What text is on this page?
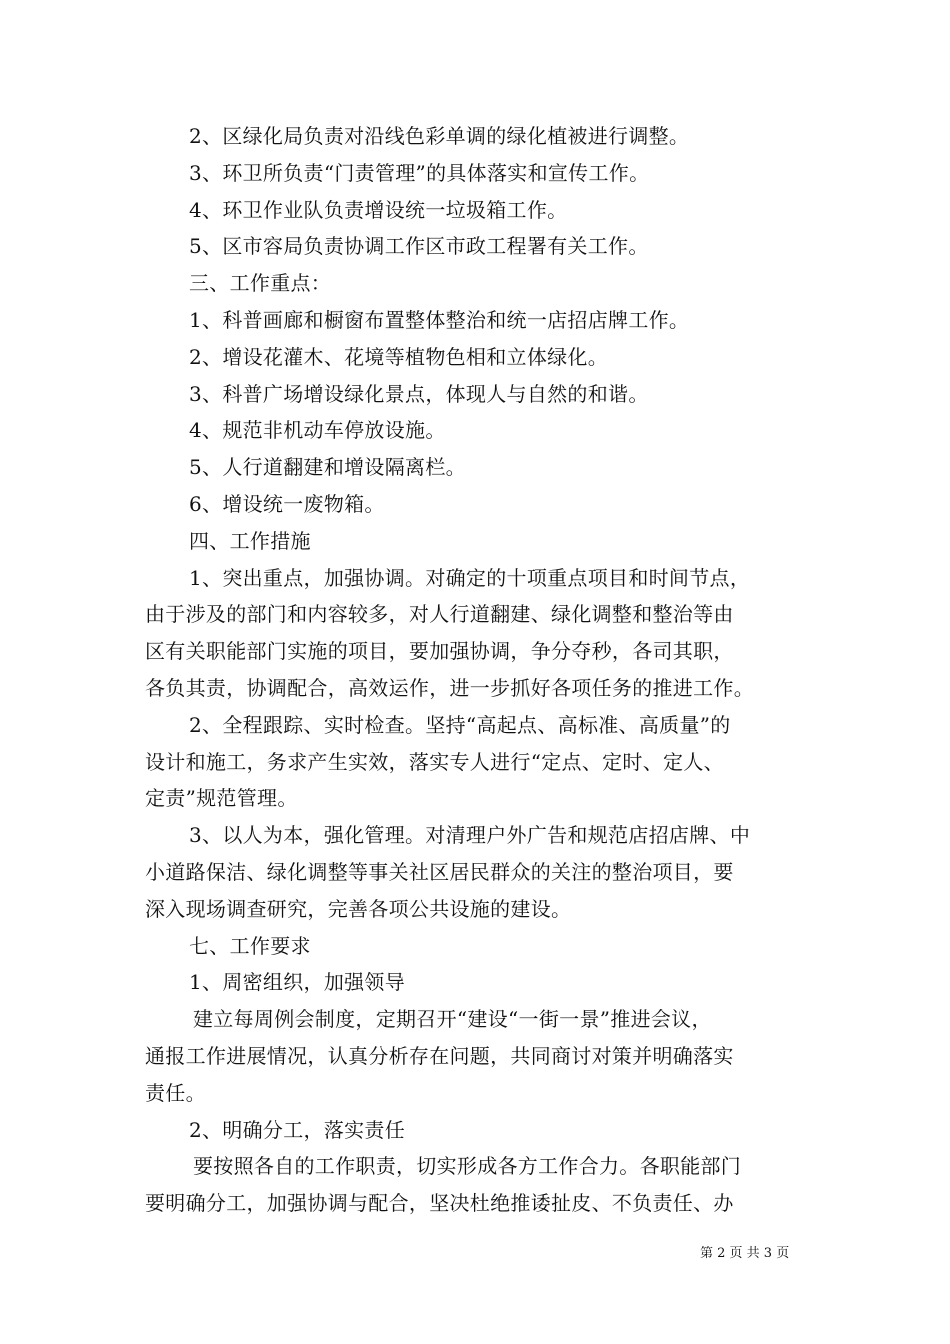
2、区绿化局负责对沿线色彩单调的绿化植被进行调整。
3、环卫所负责“门责管理”的具体落实和宣传工作。
4、环卫作业队负责增设统一垃圾箱工作。
5、区市容局负责协调工作区市政工程署有关工作。
三、工作重点：
1、科普画廊和橱窗布置整体整治和统一店招店牌工作。
2、增设花灌木、花境等植物色相和立体绿化。
3、科普广场增设绿化景点，体现人与自然的和谐。
4、规范非机动车停放设施。
5、人行道翻建和增设隔离栏。
6、增设统一废物箱。
四、工作措施
1、突出重点，加强协调。对确定的十项重点项目和时间节点，
由于涉及的部门和内容较多，对人行道翻建、绿化调整和整治等由
区有关职能部门实施的项目，要加强协调，争分夺秒，各司其职，
各负其责，协调配合，高效运作，进一步抓好各项任务的推进工作。
2、全程跟踪、实时检查。坚持“高起点、高标准、高质量”的
设计和施工，务求产生实效，落实专人进行“定点、定时、定人、
定责”规范管理。
3、以人为本，强化管理。对清理户外广告和规范店招店牌、中
小道路保洁、绿化调整等事关社区居民群众的关注的整治项目，要
深入现场调查研究，完善各项公共设施的建设。
七、工作要求
1、周密组织，加强领导
建立每周例会制度，定期召开“建设“一街一景”推进会议，
通报工作进展情况，认真分析存在问题，共同商讨对策并明确落实
责任。
2、明确分工，落实责任
要按照各自的工作职责，切实形成各方工作合力。各职能部门
要明确分工，加强协调与配合，坚决杜绝推诿扯皮、不负责任、办
第 2 页 共 3 页
